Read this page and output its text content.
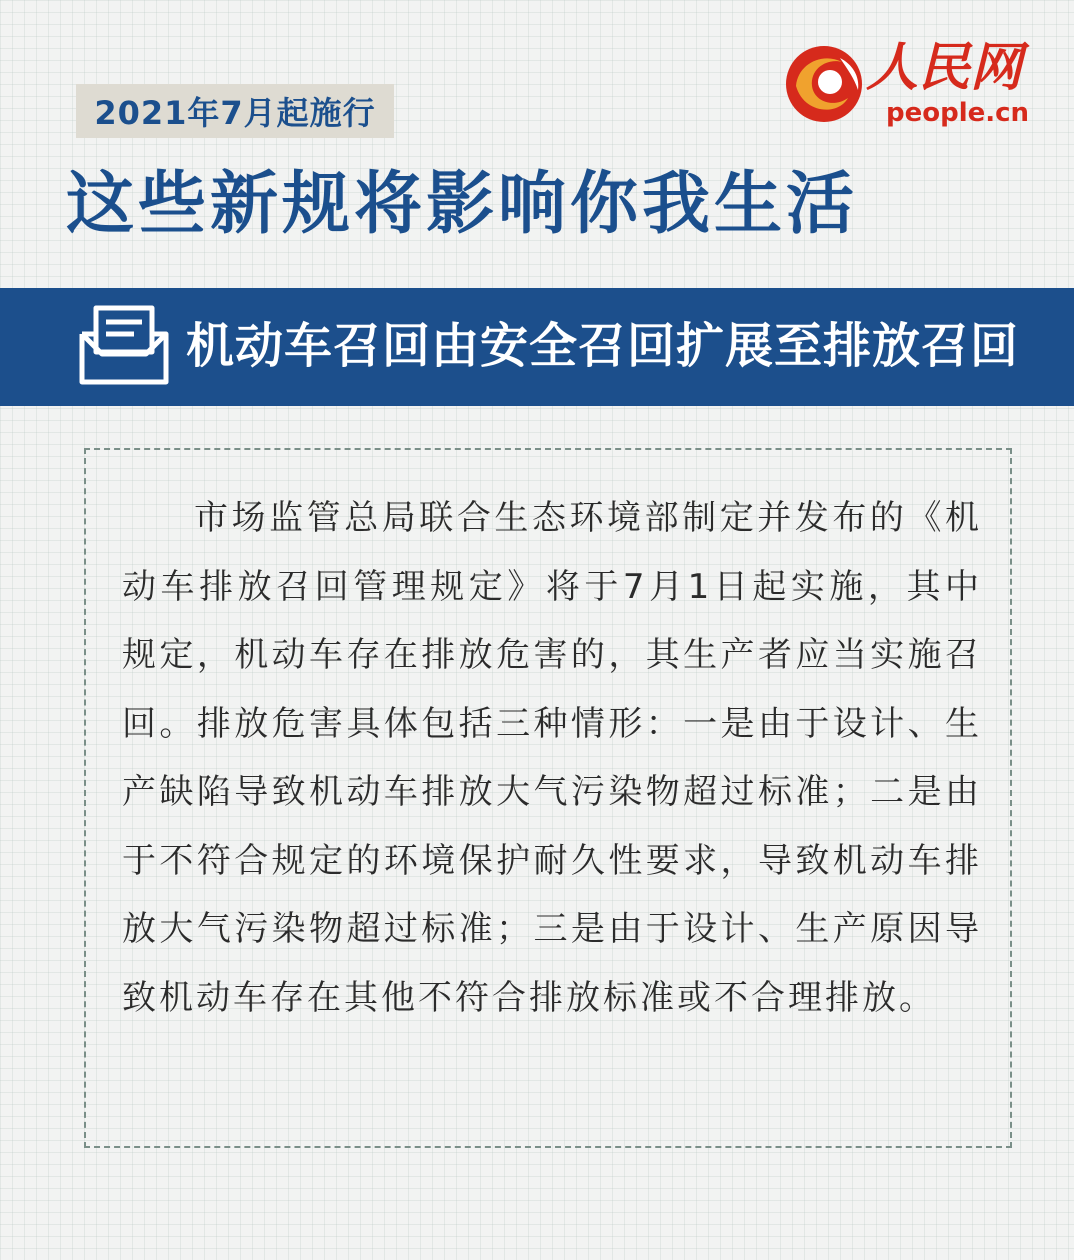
2021年7月起施行
这些新规将影响你我生活
人民网
people.cn
机动车召回由安全召回扩展至排放召回

市场监管总局联合生态环境部制定并发布的《机动车排放召回管理规定》将于7月1日起实施，其中规定，机动车存在排放危害的，其生产者应当实施召回。排放危害具体包括三种情形：一是由于设计、生产缺陷导致机动车排放大气污染物超过标准；二是由于不符合规定的环境保护耐久性要求，导致机动车排放大气污染物超过标准；三是由于设计、生产原因导致机动车存在其他不符合排放标准或不合理排放。
